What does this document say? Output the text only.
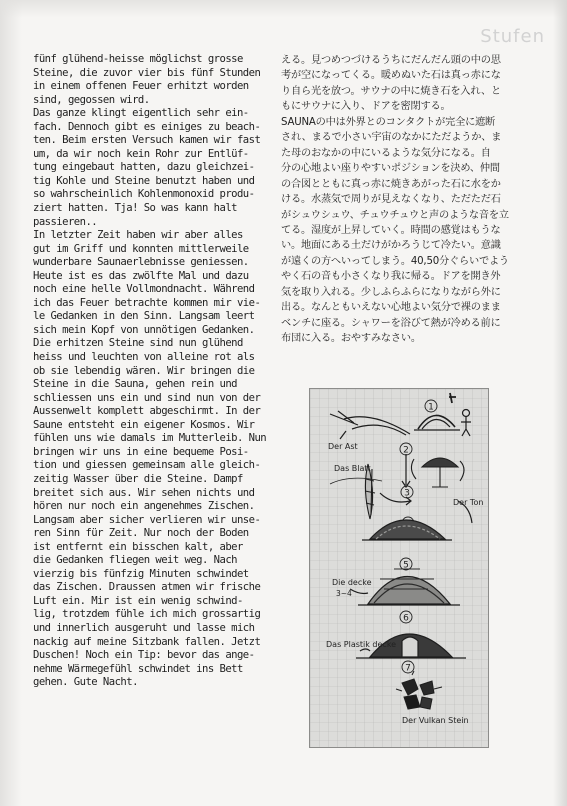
Stufen

fünf glühend-heisse möglichst grosse
Steine, die zuvor vier bis fünf Stunden
in einem offenen Feuer erhitzt worden
sind, gegossen wird.

Das ganze klingt eigentlich sehr ein-
fach. Dennoch gibt es einiges zu beach-
ten. Beim ersten Versuch kamen wir fast
um, da wir noch kein Rohr zur Entlüf-
tung eingebaut hatten, dazu gleichzei-
tig Kohle und Steine benutzt haben und
so wahrscheinlich Kohlenmonoxid produ-
ziert hatten. Tja! So was kann halt
passieren..

In letzter Zeit haben wir aber alles
gut im Griff und konnten mittlerweile
wunderbare Saunaerlebnisse geniessen.
Heute ist es das zwölfte Mal und dazu
noch eine helle Vollmondnacht. Während
ich das Feuer betrachte kommen mir vie-
le Gedanken in den Sinn. Langsam leert
sich mein Kopf von unnötigen Gedanken.
Die erhitzen Steine sind nun glühend
heiss und leuchten von alleine rot als
ob sie lebendig wären. Wir bringen die
Steine in die Sauna, gehen rein und
schliessen uns ein und sind nun von der
Aussenwelt komplett abgeschirmt. In der
Saune entsteht ein eigener Kosmos. Wir
fühlen uns wie damals im Mutterleib. Nun
bringen wir uns in eine bequeme Posi-
tion und giessen gemeinsam alle gleich-
zeitig Wasser über die Steine. Dampf
breitet sich aus. Wir sehen nichts und
hören nur noch ein angenehmes Zischen.
Langsam aber sicher verlieren wir unse-
ren Sinn für Zeit. Nur noch der Boden
ist entfernt ein bisschen kalt, aber
die Gedanken fliegen weit weg. Nach
vierzig bis fünfzig Minuten schwindet
das Zischen. Draussen atmen wir frische
Luft ein. Mir ist ein wenig schwind-
lig, trotzdem fühle ich mich grossartig
und innerlich ausgeruht und lasse mich
nackig auf meine Sitzbank fallen. Jetzt
Duschen! Noch ein Tip: bevor das ange-
nehme Wärmegefühl schwindet ins Bett
gehen. Gute Nacht.

える。見つめつづけるうちにだんだん頭の中の思
考が空になってくる。暖めぬいた石は真っ赤にな
り自ら光を放つ。サウナの中に焼き石を入れ、と
もにサウナに入り、ドアを密閉する。

SAUNAの中は外界とのコンタクトが完全に遮断
され、まるで小さい宇宙のなかにただようか、ま
た母のおなかの中にいるような気分になる。自
分の心地よい座りやすいポジションを決め、仲間
の合図とともに真っ赤に焼きあがった石に水をか
ける。水蒸気で周りが見えなくなり、ただただ石
がシュウシュウ、チュウチュウと声のような音を立
てる。湿度が上昇していく。時間の感覚はもうな
い。地面にある土だけがかろうじて冷たい。意識
が遠くの方へいってしまう。40,50分ぐらいでよう
やく石の音も小さくなり我に帰る。ドアを開き外
気を取り入れる。少しふらふらになりながら外に
出る。なんともいえない心地よい気分で裸のまま
ベンチに座る。シャワーを浴びて熱が冷める前に
布団に入る。おやすみなさい。

1
2
3
5
6
7
Der Ast
Das Blatt
Der Ton
Die decke
3~4
Das Plastik decke
Der Vulkan Stein
